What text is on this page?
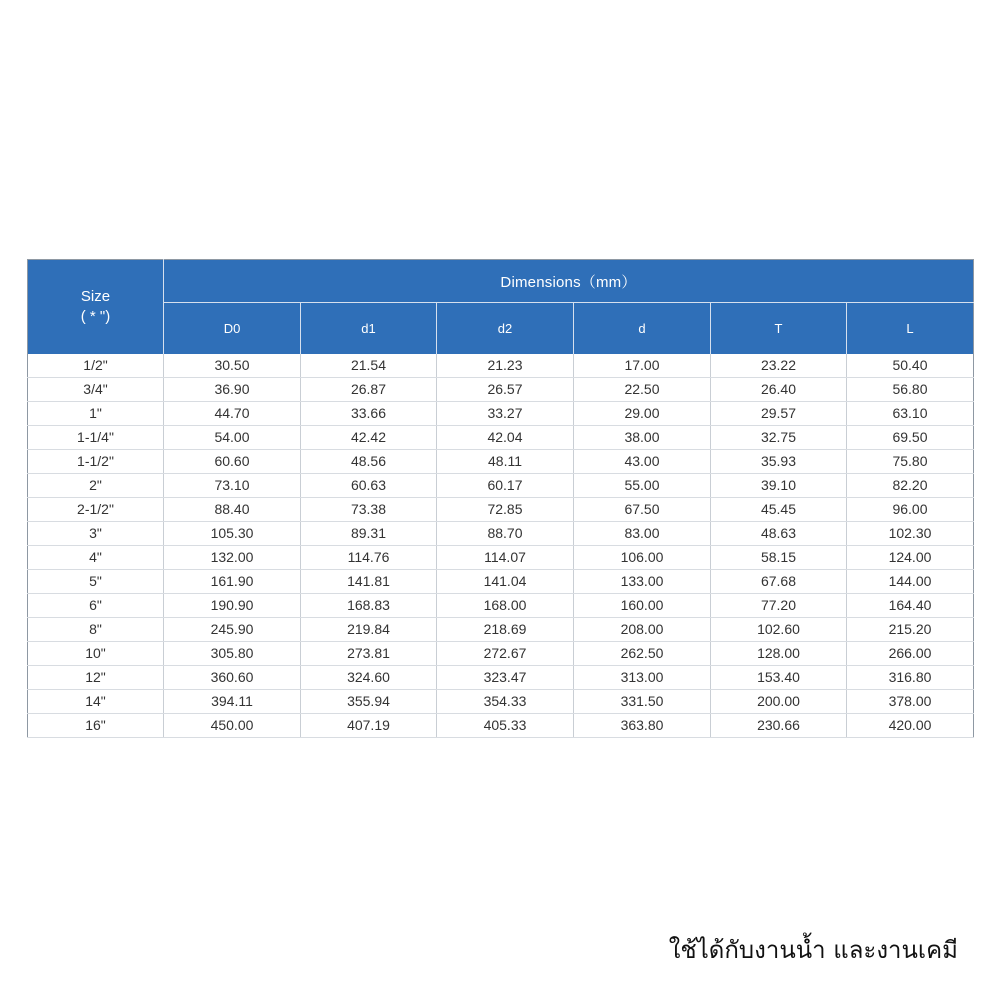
Size
( * ")	Dimensions（mm）					
	D0	d1	d2	d	T	L
1/2"	30.50	21.54	21.23	17.00	23.22	50.40
3/4"	36.90	26.87	26.57	22.50	26.40	56.80
1"	44.70	33.66	33.27	29.00	29.57	63.10
1-1/4"	54.00	42.42	42.04	38.00	32.75	69.50
1-1/2"	60.60	48.56	48.11	43.00	35.93	75.80
2"	73.10	60.63	60.17	55.00	39.10	82.20
2-1/2"	88.40	73.38	72.85	67.50	45.45	96.00
3"	105.30	89.31	88.70	83.00	48.63	102.30
4"	132.00	114.76	114.07	106.00	58.15	124.00
5"	161.90	141.81	141.04	133.00	67.68	144.00
6"	190.90	168.83	168.00	160.00	77.20	164.40
8"	245.90	219.84	218.69	208.00	102.60	215.20
10"	305.80	273.81	272.67	262.50	128.00	266.00
12"	360.60	324.60	323.47	313.00	153.40	316.80
14"	394.11	355.94	354.33	331.50	200.00	378.00
16"	450.00	407.19	405.33	363.80	230.66	420.00
ใช้ได้กับงานน้ำ และงานเคมี
